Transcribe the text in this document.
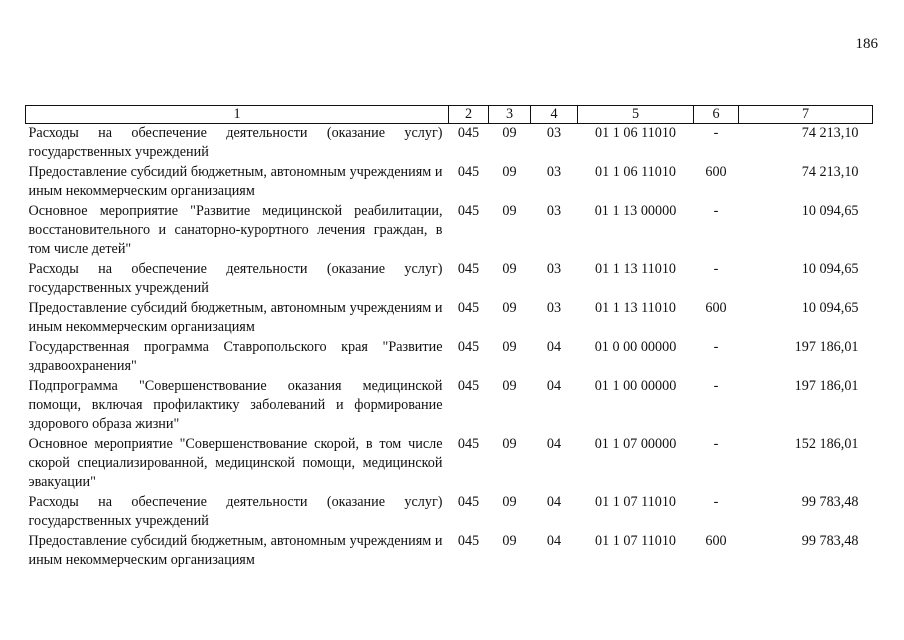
186
1	2	3	4	5	6	7
Расходы на обеспечение деятельности (оказание услуг) государственных учреждений	045	09	03	01 1 06 11010	-	74 213,10
Предоставление субсидий бюджетным, автономным учреждениям и иным некоммерческим организациям	045	09	03	01 1 06 11010	600	74 213,10
Основное мероприятие "Развитие медицинской реабилитации, восстановительного и санаторно-курортного лечения граждан, в том числе детей"	045	09	03	01 1 13 00000	-	10 094,65
Расходы на обеспечение деятельности (оказание услуг) государственных учреждений	045	09	03	01 1 13 11010	-	10 094,65
Предоставление субсидий бюджетным, автономным учреждениям и иным некоммерческим организациям	045	09	03	01 1 13 11010	600	10 094,65
Государственная программа Ставропольского края "Развитие здравоохранения"	045	09	04	01 0 00 00000	-	197 186,01
Подпрограмма "Совершенствование оказания медицинской помощи, включая профилактику заболеваний и формирование здорового образа жизни"	045	09	04	01 1 00 00000	-	197 186,01
Основное мероприятие "Совершенствование скорой, в том числе скорой специализированной, медицинской помощи, медицинской эвакуации"	045	09	04	01 1 07 00000	-	152 186,01
Расходы на обеспечение деятельности (оказание услуг) государственных учреждений	045	09	04	01 1 07 11010	-	99 783,48
Предоставление субсидий бюджетным, автономным учреждениям и иным некоммерческим организациям	045	09	04	01 1 07 11010	600	99 783,48
